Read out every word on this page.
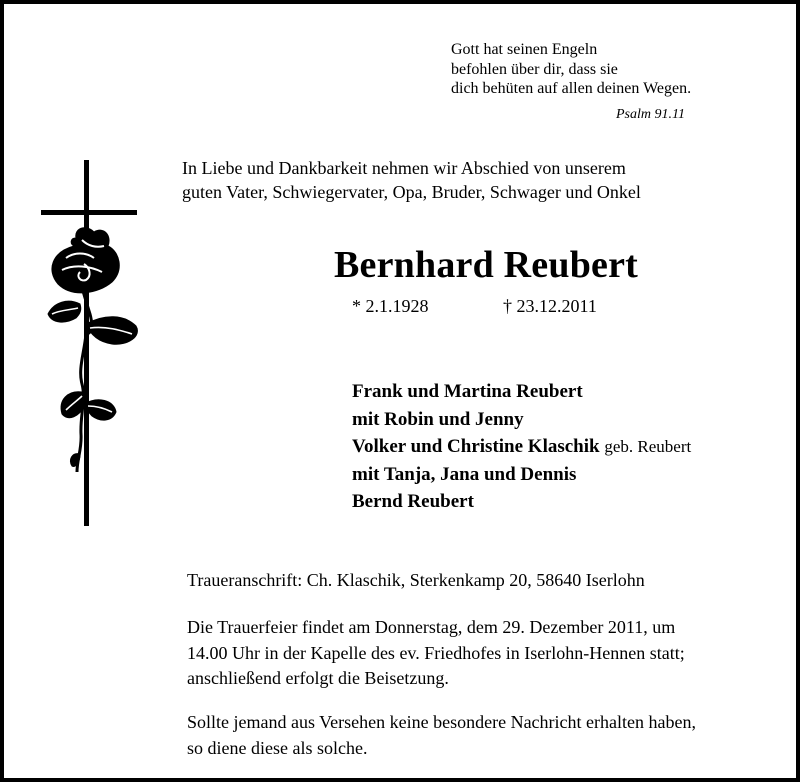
Gott hat seinen Engeln
befohlen über dir, dass sie
dich behüten auf allen deinen Wegen.
Psalm 91.11
In Liebe und Dankbarkeit nehmen wir Abschied von unserem
guten Vater, Schwiegervater, Opa, Bruder, Schwager und Onkel
Bernhard Reubert
* 2.1.1928	† 23.12.2011
Frank und Martina Reubert
mit Robin und Jenny
Volker und Christine Klaschik geb. Reubert
mit Tanja, Jana und Dennis
Bernd Reubert
Traueranschrift: Ch. Klaschik, Sterkenkamp 20, 58640 Iserlohn
Die Trauerfeier findet am Donnerstag, dem 29. Dezember 2011, um
14.00 Uhr in der Kapelle des ev. Friedhofes in Iserlohn-Hennen statt;
anschließend erfolgt die Beisetzung.
Sollte jemand aus Versehen keine besondere Nachricht erhalten haben,
so diene diese als solche.
